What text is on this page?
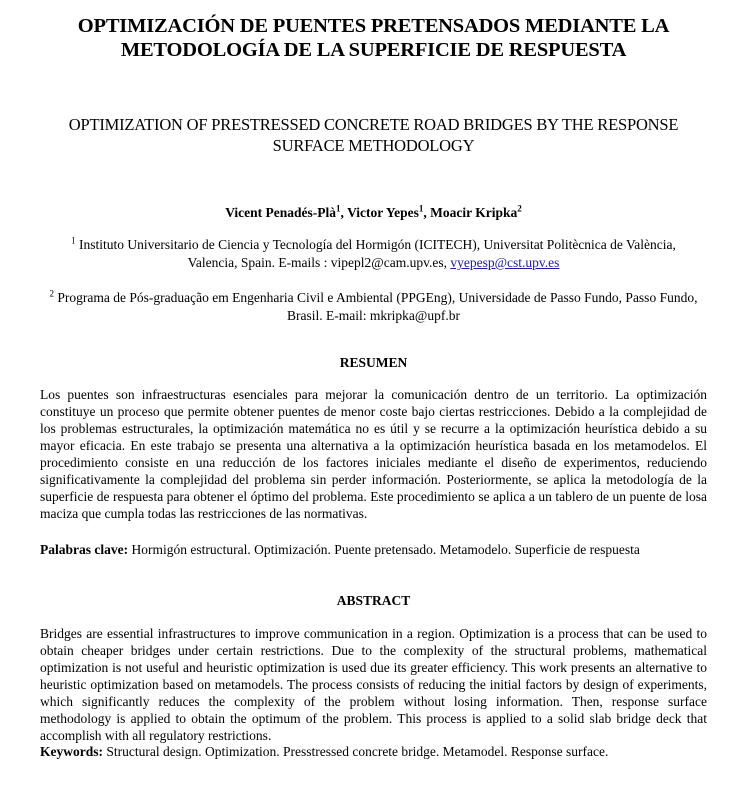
OPTIMIZACIÓN DE PUENTES PRETENSADOS MEDIANTE LA
METODOLOGÍA DE LA SUPERFICIE DE RESPUESTA
OPTIMIZATION OF PRESTRESSED CONCRETE ROAD BRIDGES BY THE RESPONSE
SURFACE METHODOLOGY
Vicent Penadés-Plà$^1$, Victor Yepes$^1$, Moacir Kripka$^2$
$^1$ Instituto Universitario de Ciencia y Tecnología del Hormigón (ICITECH), Universitat Politècnica de València,
Valencia, Spain. E-mails : vipepl2@cam.upv.es, vyepesp@cst.upv.es
$^2$ Programa de Pós-graduação em Engenharia Civil e Ambiental (PPGEng), Universidade de Passo Fundo, Passo Fundo,
Brasil. E-mail: mkripka@upf.br
RESUMEN
Los puentes son infraestructuras esenciales para mejorar la comunicación dentro de un territorio. La optimización constituye un proceso que permite obtener puentes de menor coste bajo ciertas restricciones. Debido a la complejidad de los problemas estructurales, la optimización matemática no es útil y se recurre a la optimización heurística debido a su mayor eficacia. En este trabajo se presenta una alternativa a la optimización heurística basada en los metamodelos. El procedimiento consiste en una reducción de los factores iniciales mediante el diseño de experimentos, reduciendo significativamente la complejidad del problema sin perder información. Posteriormente, se aplica la metodología de la superficie de respuesta para obtener el óptimo del problema. Este procedimiento se aplica a un tablero de un puente de losa maciza que cumpla todas las restricciones de las normativas.
Palabras clave: Hormigón estructural. Optimización. Puente pretensado. Metamodelo. Superficie de respuesta
ABSTRACT
Bridges are essential infrastructures to improve communication in a region. Optimization is a process that can be used to obtain cheaper bridges under certain restrictions. Due to the complexity of the structural problems, mathematical optimization is not useful and heuristic optimization is used due its greater efficiency. This work presents an alternative to heuristic optimization based on metamodels. The process consists of reducing the initial factors by design of experiments, which significantly reduces the complexity of the problem without losing information. Then, response surface methodology is applied to obtain the optimum of the problem. This process is applied to a solid slab bridge deck that accomplish with all regulatory restrictions.
Keywords: Structural design. Optimization. Presstressed concrete bridge. Metamodel. Response surface.
